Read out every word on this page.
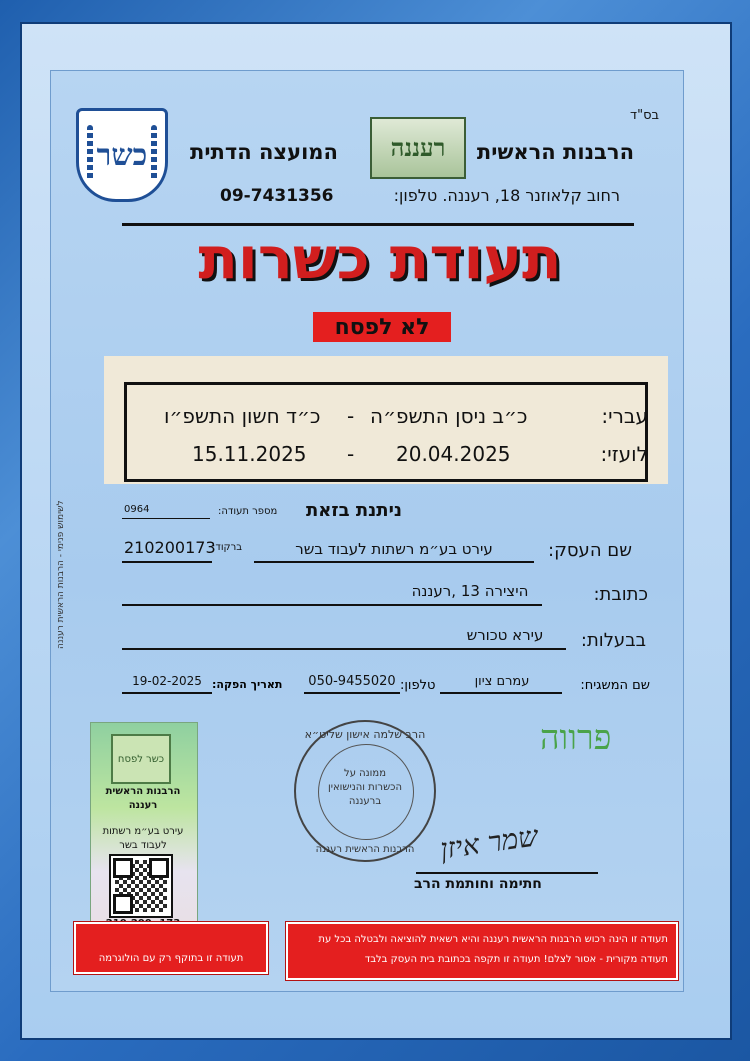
בס"ד
כשר	הרבנות הראשית
רעננה
המועצה הדתית
רחוב קלאוזנר 18, רעננה. טלפון:
09-7431356
תעודת כשרות
לא לפסח
עברי:
כ״ב ניסן התשפ״ה
-
כ״ד חשון התשפ״ו
לועזי:
20.04.2025
-
15.11.2025
ניתנת בזאת
מספר תעודה:
0964
שם העסק:
עירט בע״מ רשתות לעבוד בשר
ברקוד:
210200173
כתובת:
היצירה 13 ,רעננה
בבעלות:
עירא טכורש
שם המשגיח:
עמרם ציון
טלפון:
050-9455020
תאריך הפקה:
19-02-2025
פרווה
הרב שלמה אישון שליט״א
ממונה על
הכשרות והנישואין
ברעננה
הרבנות הראשית רעננה שמר איזן
חתימה וחותמת הרב
כשר לפסח
הרבנות הראשית
רעננה
עירט בע״מ רשתות
לעבוד בשר
תעודה זו בתוקף רק עם הולוגרמה
תעודה זו הינה רכוש הרבנות הראשית רעננה והיא רשאית להוציאה ולבטלה בכל עת
תעודה מקורית - אסור לצלם! תעודה זו תקפה בכתובת בית העסק בלבד
לשימוש פנימי - הרבנות הראשית רעננה
